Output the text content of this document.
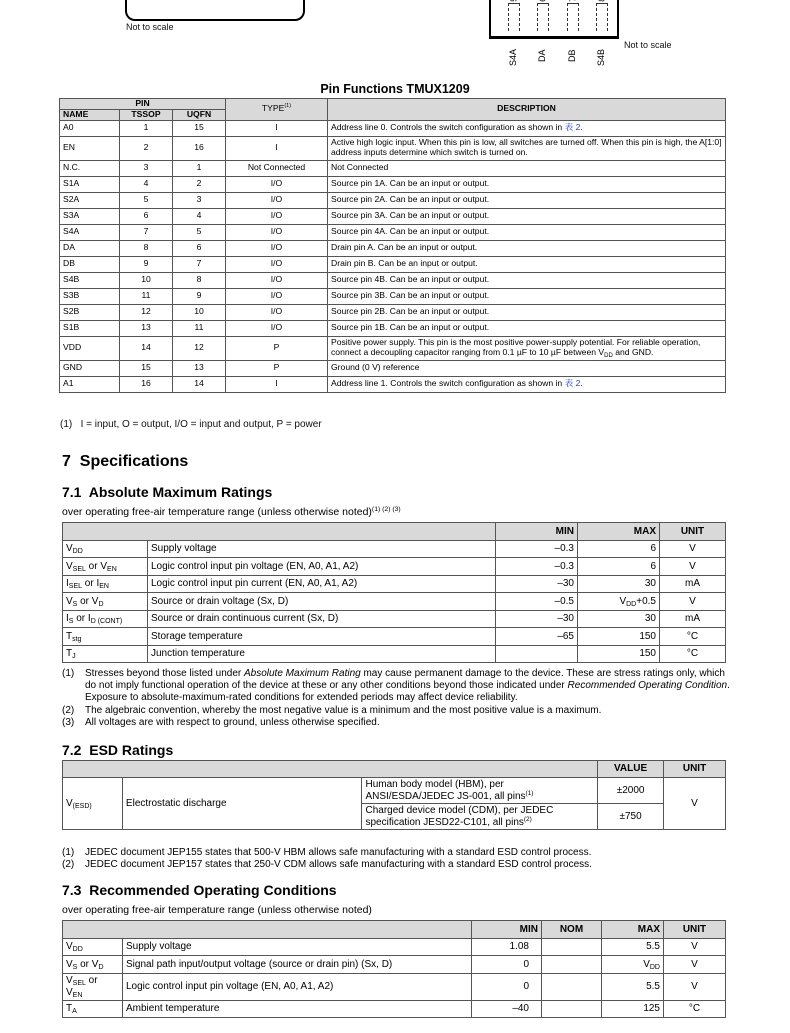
Not to scale
S4A DA DB S4B
Not to scale
Pin Functions TMUX1209
PIN			TYPE$^{(1)}$	DESCRIPTION
NAME	TSSOP	UQFN		
A0	1	15	I	Address line 0. Controls the switch configuration as shown in 表 2.
EN	2	16	I	Active high logic input. When this pin is low, all switches are turned off. When this pin is high, the A[1:0] address inputs determine which switch is turned on.
N.C.	3	1	Not Connected	Not Connected
S1A	4	2	I/O	Source pin 1A. Can be an input or output.
S2A	5	3	I/O	Source pin 2A. Can be an input or output.
S3A	6	4	I/O	Source pin 3A. Can be an input or output.
S4A	7	5	I/O	Source pin 4A. Can be an input or output.
DA	8	6	I/O	Drain pin A. Can be an input or output.
DB	9	7	I/O	Drain pin B. Can be an input or output.
S4B	10	8	I/O	Source pin 4B. Can be an input or output.
S3B	11	9	I/O	Source pin 3B. Can be an input or output.
S2B	12	10	I/O	Source pin 2B. Can be an input or output.
S1B	13	11	I/O	Source pin 1B. Can be an input or output.
VDD	14	12	P	Positive power supply. This pin is the most positive power-supply potential. For reliable operation, connect a decoupling capacitor ranging from 0.1 µF to 10 µF between $V_{DD}$ and GND.
GND	15	13	P	Ground (0 V) reference
A1	16	14	I	Address line 1. Controls the switch configuration as shown in 表 2.
(1) I = input, O = output, I/O = input and output, P = power
7  Specifications
7.1  Absolute Maximum Ratings
over operating free-air temperature range (unless otherwise noted)$^{(1) (2) (3)}$
		MIN	MAX	UNIT
$V_{DD}$	Supply voltage	–0.3	6	V
$V_{SEL}$ or $V_{EN}$	Logic control input pin voltage (EN, A0, A1, A2)	–0.3	6	V
$I_{SEL}$ or $I_{EN}$	Logic control input pin current (EN, A0, A1, A2)	–30	30	mA
$V_S$ or $V_D$	Source or drain voltage (Sx, D)	–0.5	$V_{DD}+0.5$	V
$I_S$ or $I_{D (CONT)}$	Source or drain continuous current (Sx, D)	–30	30	mA
$T_{stg}$	Storage temperature	–65	150	°C
$T_J$	Junction temperature		150	°C
(1)	Stresses beyond those listed under Absolute Maximum Rating may cause permanent damage to the device. These are stress ratings only, which do not imply functional operation of the device at these or any other conditions beyond those indicated under Recommended Operating Condition. Exposure to absolute-maximum-rated conditions for extended periods may affect device reliability.
(2)	The algebraic convention, whereby the most negative value is a minimum and the most positive value is a maximum.
(3)	All voltages are with respect to ground, unless otherwise specified.
7.2  ESD Ratings
			VALUE	UNIT
$V_{(ESD)}$	Electrostatic discharge	Human body model (HBM), per ANSI/ESDA/JEDEC JS-001, all pins$^{(1)}$	±2000	V
		Charged device model (CDM), per JEDEC specification JESD22-C101, all pins$^{(2)}$	±750	
(1)	JEDEC document JEP155 states that 500-V HBM allows safe manufacturing with a standard ESD control process.
(2)	JEDEC document JEP157 states that 250-V CDM allows safe manufacturing with a standard ESD control process.
7.3  Recommended Operating Conditions
over operating free-air temperature range (unless otherwise noted)
		MIN	NOM	MAX	UNIT
$V_{DD}$	Supply voltage	1.08		5.5	V
$V_S$ or $V_D$	Signal path input/output voltage (source or drain pin) (Sx, D)	0		$V_{DD}$	V
$V_{SEL}$ or
$V_{EN}$	Logic control input pin voltage (EN, A0, A1, A2)	0		5.5	V
$T_A$	Ambient temperature	–40		125	°C
